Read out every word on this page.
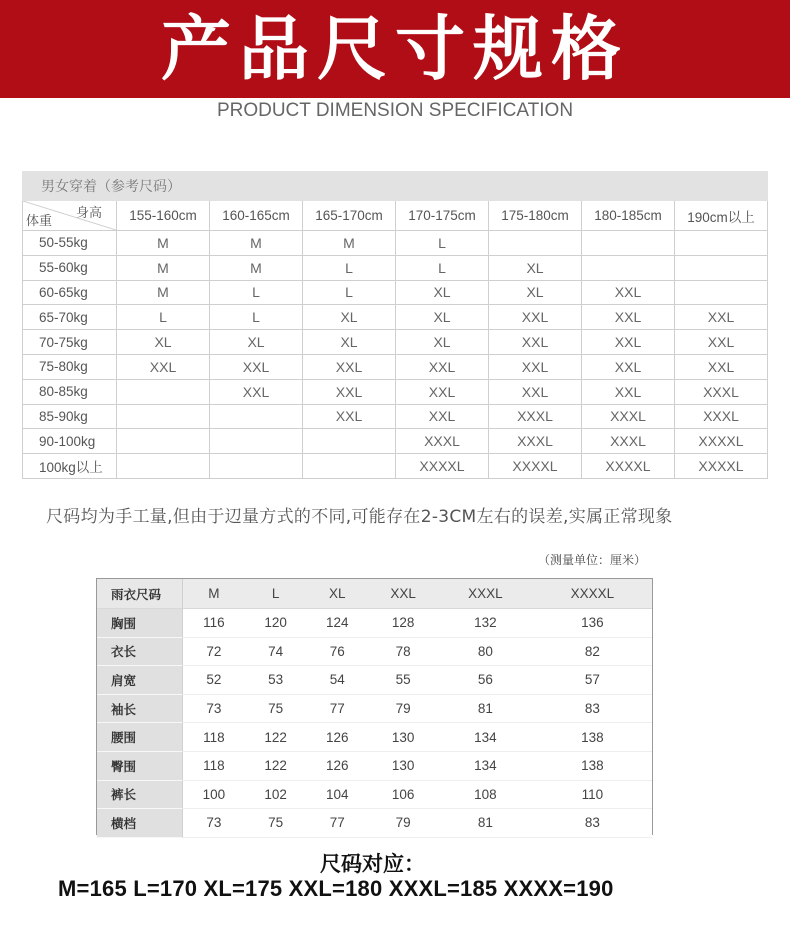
产品尺寸规格
PRODUCT DIMENSION SPECIFICATION
男女穿着（参考尺码）							

身高
体重	155-160cm	160-165cm	165-170cm	170-175cm	175-180cm	180-185cm	190cm以上
50-55kg	M	M	M	L			
55-60kg	M	M	L	L	XL		
60-65kg	M	L	L	XL	XL	XXL	
65-70kg	L	L	XL	XL	XXL	XXL	XXL
70-75kg	XL	XL	XL	XL	XXL	XXL	XXL
75-80kg	XXL	XXL	XXL	XXL	XXL	XXL	XXL
80-85kg		XXL	XXL	XXL	XXL	XXL	XXXL
85-90kg			XXL	XXL	XXXL	XXXL	XXXL
90-100kg				XXXL	XXXL	XXXL	XXXXL
100kg以上				XXXXL	XXXXL	XXXXL	XXXXL
尺码均为手工量,但由于辺量方式的不同,可能存在2-3CM左右的误差,实属正常现象
（测量单位：厘米）
雨衣尺码	M	L	XL	XXL	XXXL	XXXXL
胸围	116	120	124	128	132	136
衣长	72	74	76	78	80	82
肩宽	52	53	54	55	56	57
袖长	73	75	77	79	81	83
腰围	118	122	126	130	134	138
臀围	118	122	126	130	134	138
裤长	100	102	104	106	108	110
横档	73	75	77	79	81	83
尺码对应：
M=165 L=170 XL=175 XXL=180 XXXL=185 XXXX=190
